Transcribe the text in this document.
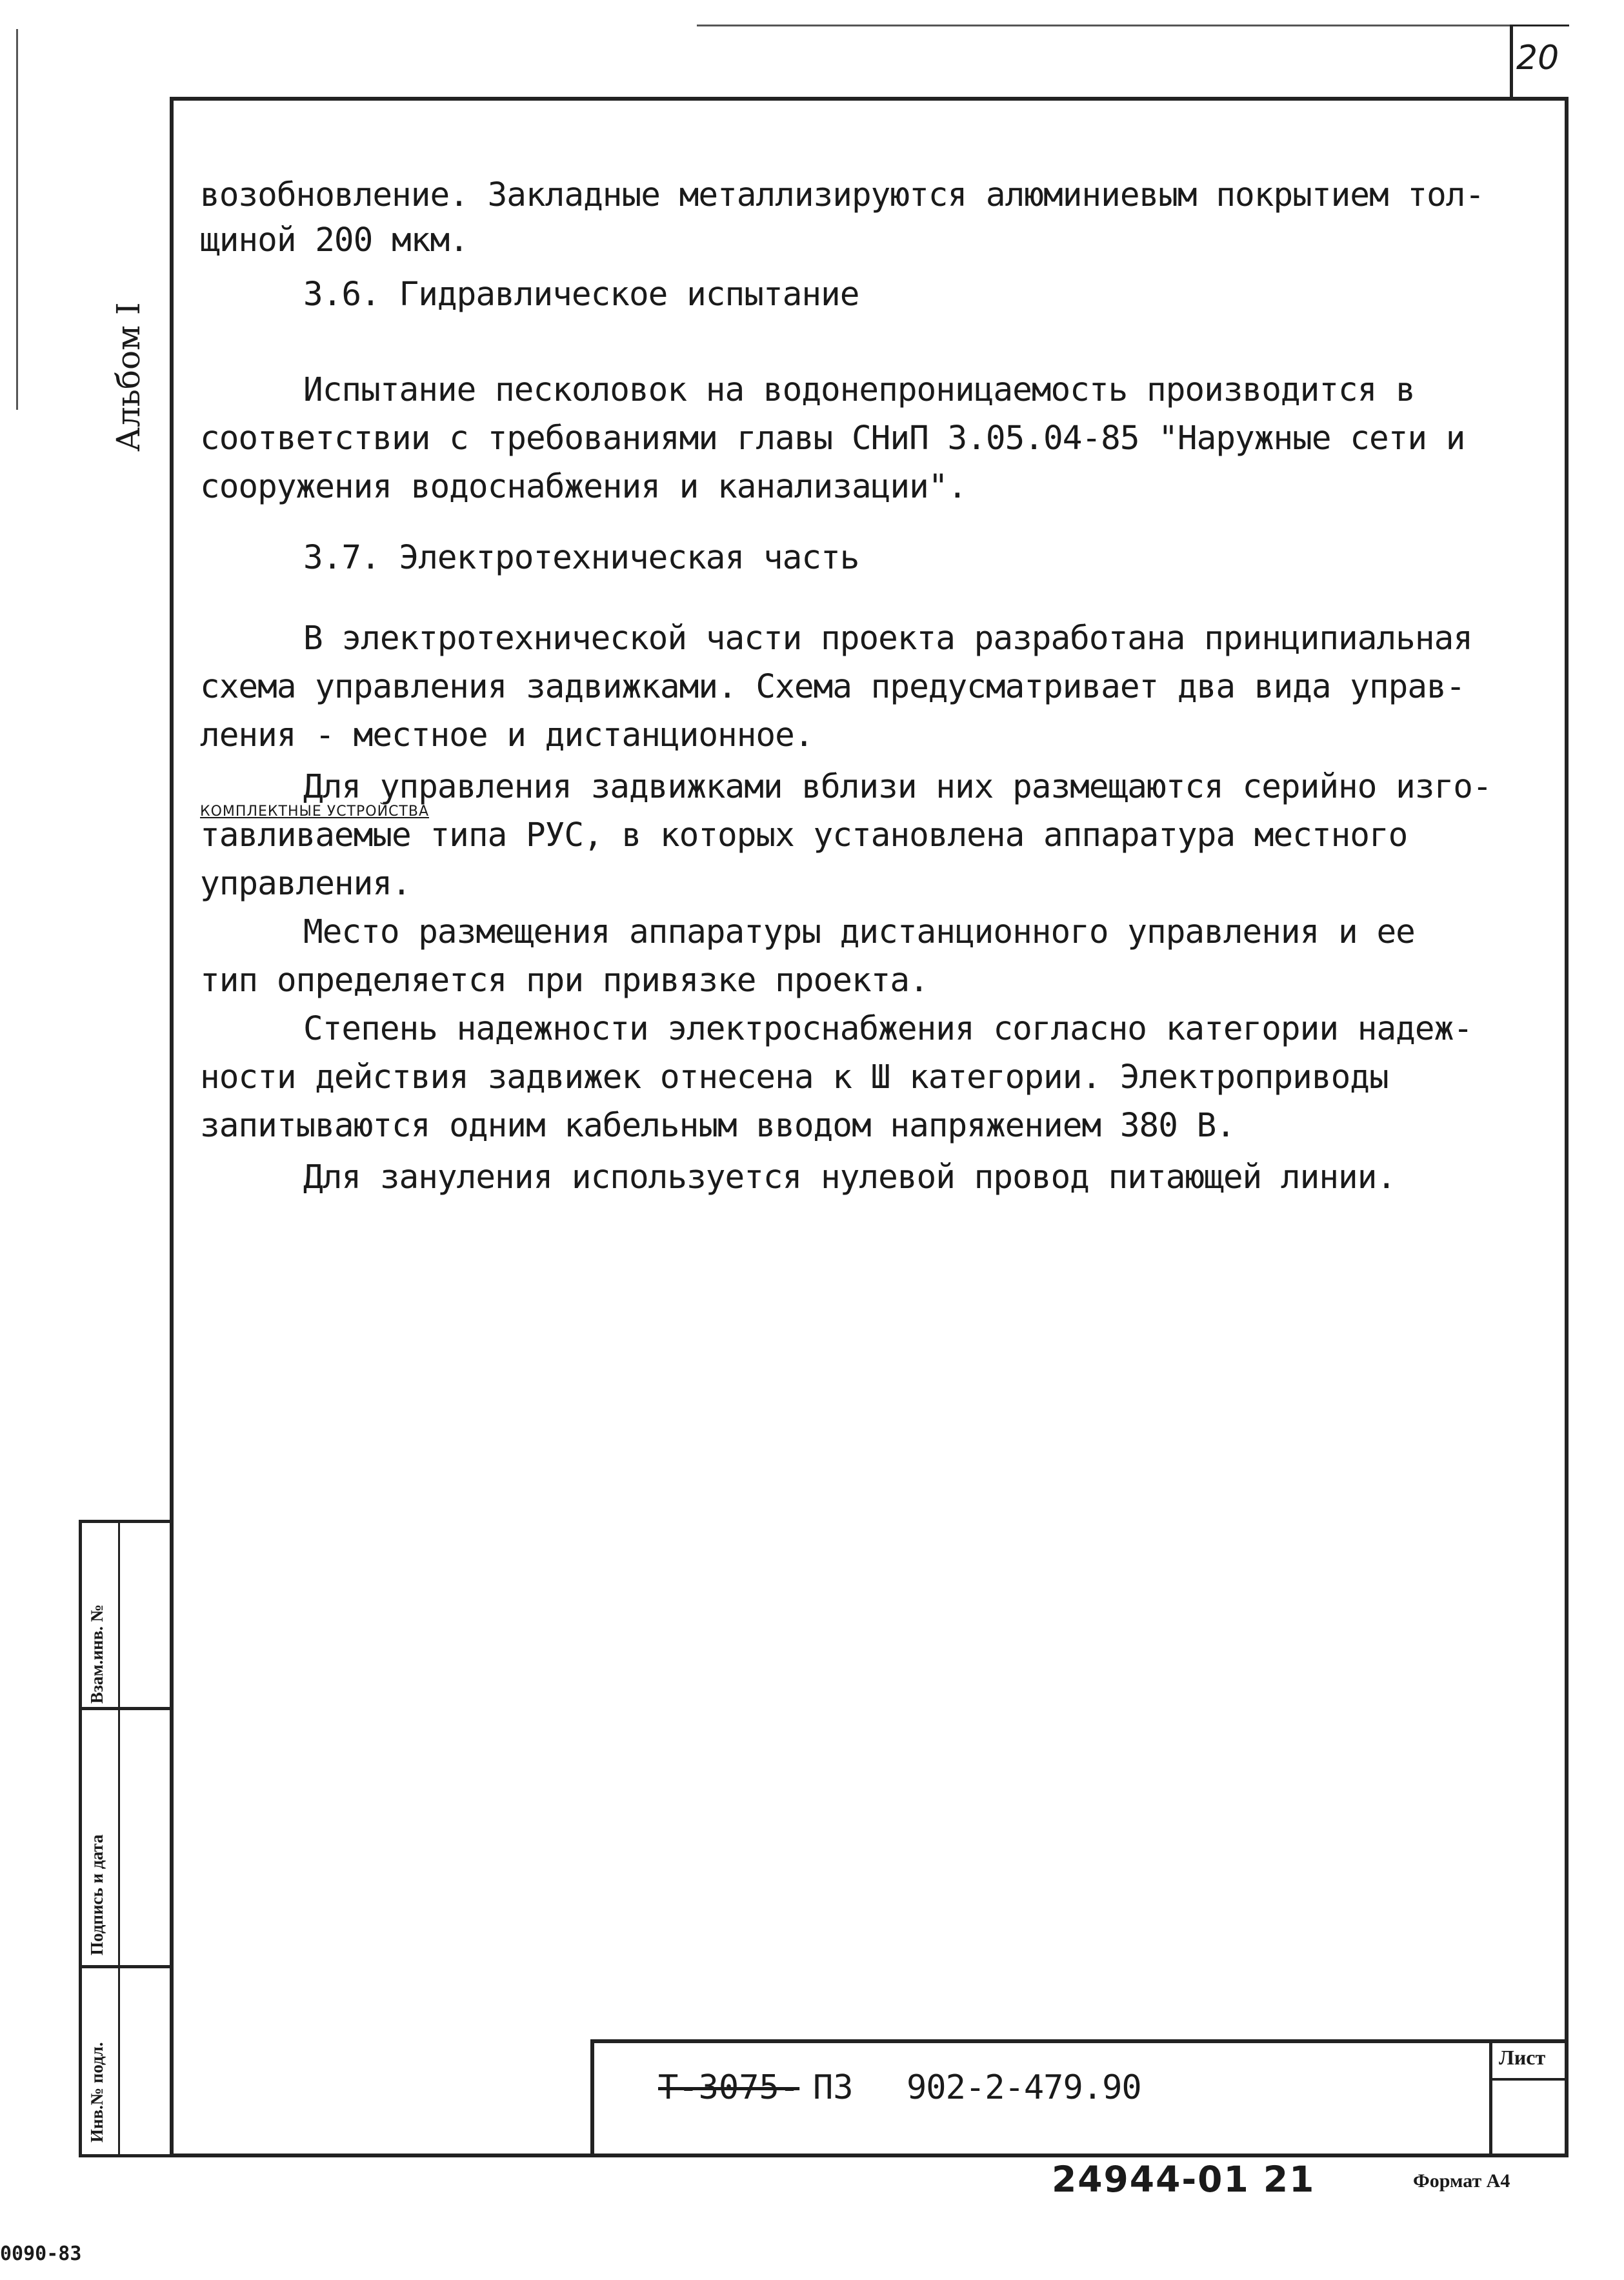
20
Альбом I
возобновление. Закладные металлизируются алюминиевым покрытием тол-
щиной 200 мкм.
3.6. Гидравлическое испытание
Испытание песколовок на водонепроницаемость производится в
соответствии с требованиями главы СНиП 3.05.04-85 "Наружные сети и
сооружения водоснабжения и канализации".
3.7. Электротехническая часть
В электротехнической части проекта разработана принципиальная
схема управления задвижками. Схема предусматривает два вида управ-
ления - местное и дистанционное.
Для управления задвижками вблизи них размещаются серийно изго-
КОМПЛЕКТНЫЕ УСТРОЙСТВА
тавливаемые типа РУС, в которых установлена аппаратура местного
управления.
Место размещения аппаратуры дистанционного управления и ее
тип определяется при привязке проекта.
Степень надежности электроснабжения согласно категории надеж-
ности действия задвижек отнесена к Ш категории. Электроприводы
запитываются одним кабельным вводом напряжением 380 В.
Для зануления используется нулевой провод питающей линии.
Взам.инв. №
Подпись и дата
Инв.№ подл.	Лист
Т-3075- ПЗ 902-2-479.90
24944-01 21	Формат А4
0090-83
